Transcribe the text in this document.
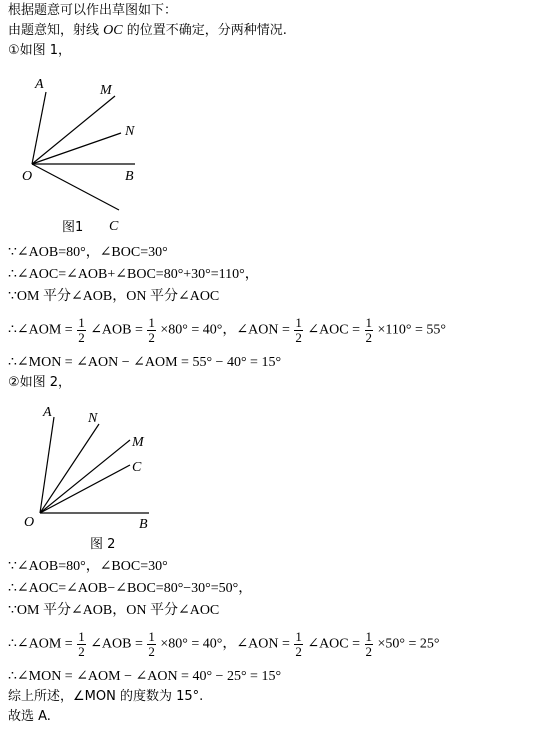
根据题意可以作出草图如下：
由题意知，射线 OC 的位置不确定，分两种情况.
①如图 1，
A	M
N
O	B
C
图1
∵∠AOB=80°，∠BOC=30°
∴∠AOC=∠AOB+∠BOC=80°+30°=110°，
∵OM 平分∠AOB，ON 平分∠AOC
∴∠AOM = $\frac{1}{2}$ ∠AOB = $\frac{1}{2} \times 80^\circ = 40^\circ$，∠AON = $\frac{1}{2}$ ∠AOC = $\frac{1}{2} \times 110^\circ = 55^\circ$
∴∠MON = ∠AON − ∠AOM = 55° − 40° = 15°
②如图 2，
A	N
M
C
O	B
图 2
∵∠AOB=80°，∠BOC=30°
∴∠AOC=∠AOB−∠BOC=80°−30°=50°，
∵OM 平分∠AOB，ON 平分∠AOC
∴∠AOM = $\frac{1}{2}$ ∠AOB = $\frac{1}{2} \times 80^\circ = 40^\circ$，∠AON = $\frac{1}{2}$ ∠AOC = $\frac{1}{2} \times 50^\circ = 25^\circ$
∴∠MON = ∠AOM − ∠AON = 40° − 25° = 15°
综上所述，∠MON 的度数为 15°.
故选 A.
